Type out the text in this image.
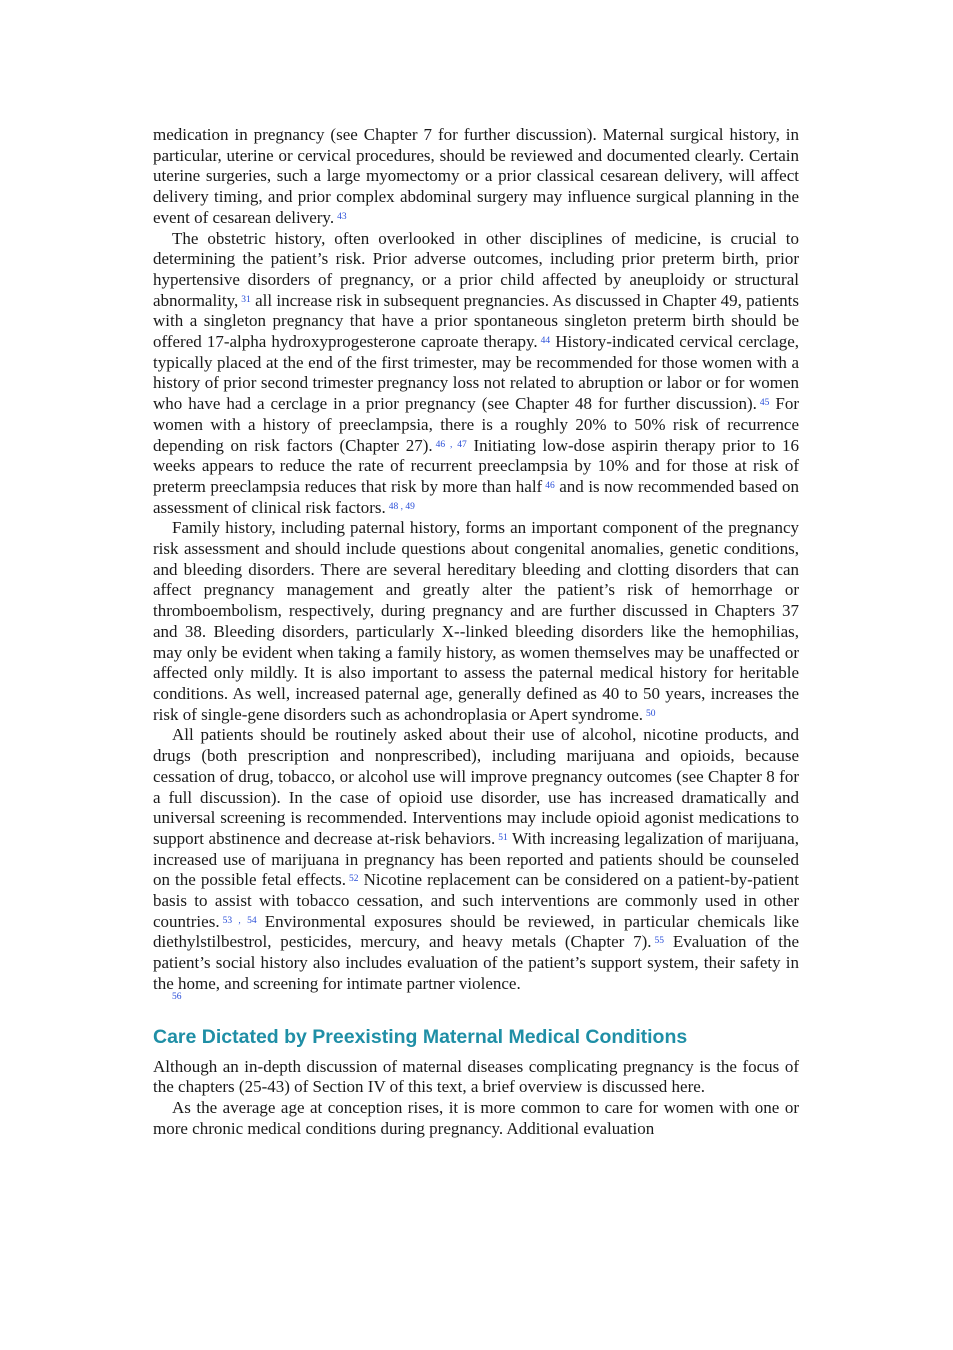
medication in pregnancy (see Chapter 7 for further discussion). Maternal surgical history, in particular, uterine or cervical procedures, should be reviewed and documented clearly. Certain uterine surgeries, such a large myomectomy or a prior classical cesarean delivery, will affect delivery timing, and prior complex abdominal surgery may influence surgical planning in the event of cesarean delivery. $^{43}$

The obstetric history, often overlooked in other disciplines of medicine, is crucial to determining the patient’s risk. Prior adverse outcomes, including prior preterm birth, prior hypertensive disorders of pregnancy, or a prior child affected by aneuploidy or structural abnormality, $^{31}$ all increase risk in subsequent pregnancies. As discussed in Chapter 49, patients with a singleton pregnancy that have a prior spontaneous singleton preterm birth should be offered 17-alpha hydroxyprogesterone caproate therapy. $^{44}$ History-indicated cervical cerclage, typically placed at the end of the first trimester, may be recommended for those women with a history of prior second trimester pregnancy loss not related to abruption or labor or for women who have had a cerclage in a prior pregnancy (see Chapter 48 for further discussion). $^{45}$ For women with a history of preeclampsia, there is a roughly 20% to 50% risk of recurrence depending on risk factors (Chapter 27). $^{46 , 47}$ Initiating low-dose aspirin therapy prior to 16 weeks appears to reduce the rate of recurrent preeclampsia by 10% and for those at risk of preterm preeclampsia reduces that risk by more than half $^{46}$ and is now recommended based on assessment of clinical risk factors. $^{48 , 49}$

Family history, including paternal history, forms an important component of the pregnancy risk assessment and should include questions about congenital anomalies, genetic conditions, and bleeding disorders. There are several hereditary bleeding and clotting disorders that can affect pregnancy management and greatly alter the patient’s risk of hemorrhage or thromboembolism, respectively, during pregnancy and are further discussed in Chapters 37 and 38. Bleeding disorders, particularly X--linked bleeding disorders like the hemophilias, may only be evident when taking a family history, as women themselves may be unaffected or affected only mildly. It is also important to assess the paternal medical history for heritable conditions. As well, increased paternal age, generally defined as 40 to 50 years, increases the risk of single-gene disorders such as achondroplasia or Apert syndrome. $^{50}$

All patients should be routinely asked about their use of alcohol, nicotine products, and drugs (both prescription and nonprescribed), including marijuana and opioids, because cessation of drug, tobacco, or alcohol use will improve pregnancy outcomes (see Chapter 8 for a full discussion). In the case of opioid use disorder, use has increased dramatically and universal screening is recommended. Interventions may include opioid agonist medications to support abstinence and decrease at-risk behaviors. $^{51}$ With increasing legalization of marijuana, increased use of marijuana in pregnancy has been reported and patients should be counseled on the possible fetal effects. $^{52}$ Nicotine replacement can be considered on a patient-by-patient basis to assist with tobacco cessation, and such interventions are commonly used in other countries. $^{53 , 54}$ Environmental exposures should be reviewed, in particular chemicals like diethylstilbestrol, pesticides, mercury, and heavy metals (Chapter 7). $^{55}$ Evaluation of the patient’s social history also includes evaluation of the patient’s support system, their safety in the home, and screening for intimate partner violence.
56

Care Dictated by Preexisting Maternal Medical Conditions

Although an in-depth discussion of maternal diseases complicating pregnancy is the focus of the chapters (25-43) of Section IV of this text, a brief overview is discussed here.

As the average age at conception rises, it is more common to care for women with one or more chronic medical conditions during pregnancy. Additional evaluation
